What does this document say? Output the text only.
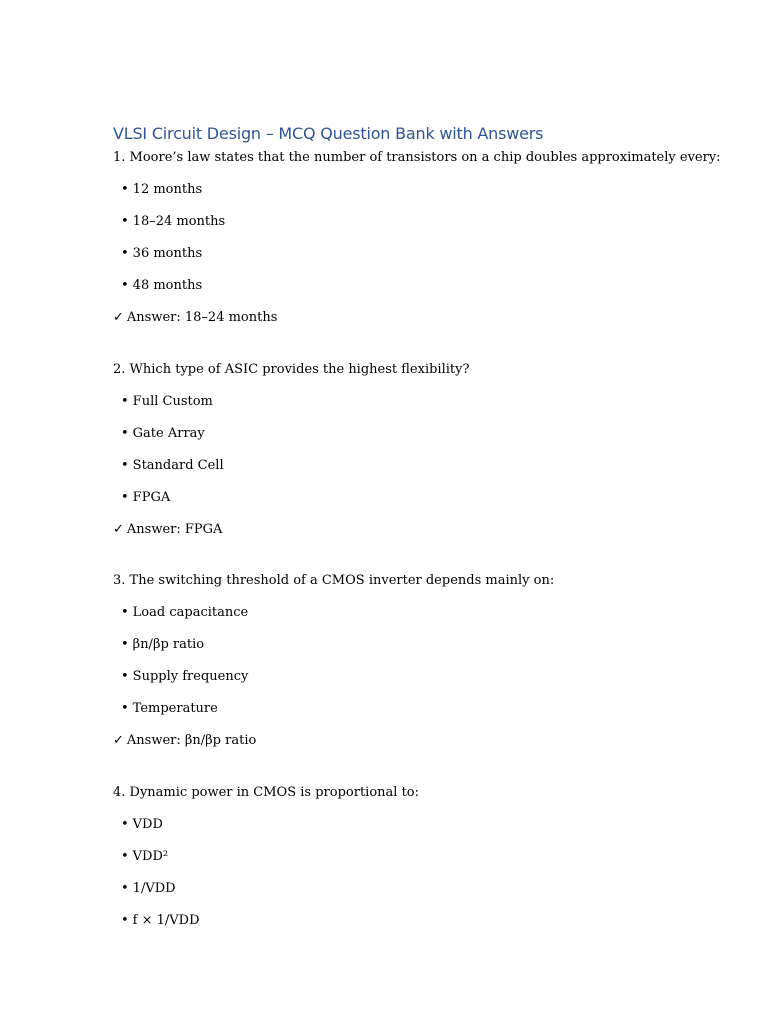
VLSI Circuit Design – MCQ Question Bank with Answers
1. Moore’s law states that the number of transistors on a chip doubles approximately every:
• 12 months
• 18–24 months
• 36 months
• 48 months
✓ Answer: 18–24 months
2. Which type of ASIC provides the highest flexibility?
• Full Custom
• Gate Array
• Standard Cell
• FPGA
✓ Answer: FPGA
3. The switching threshold of a CMOS inverter depends mainly on:
• Load capacitance
• βn/βp ratio
• Supply frequency
• Temperature
✓ Answer: βn/βp ratio
4. Dynamic power in CMOS is proportional to:
• VDD
• VDD²
• 1/VDD
• f × 1/VDD
